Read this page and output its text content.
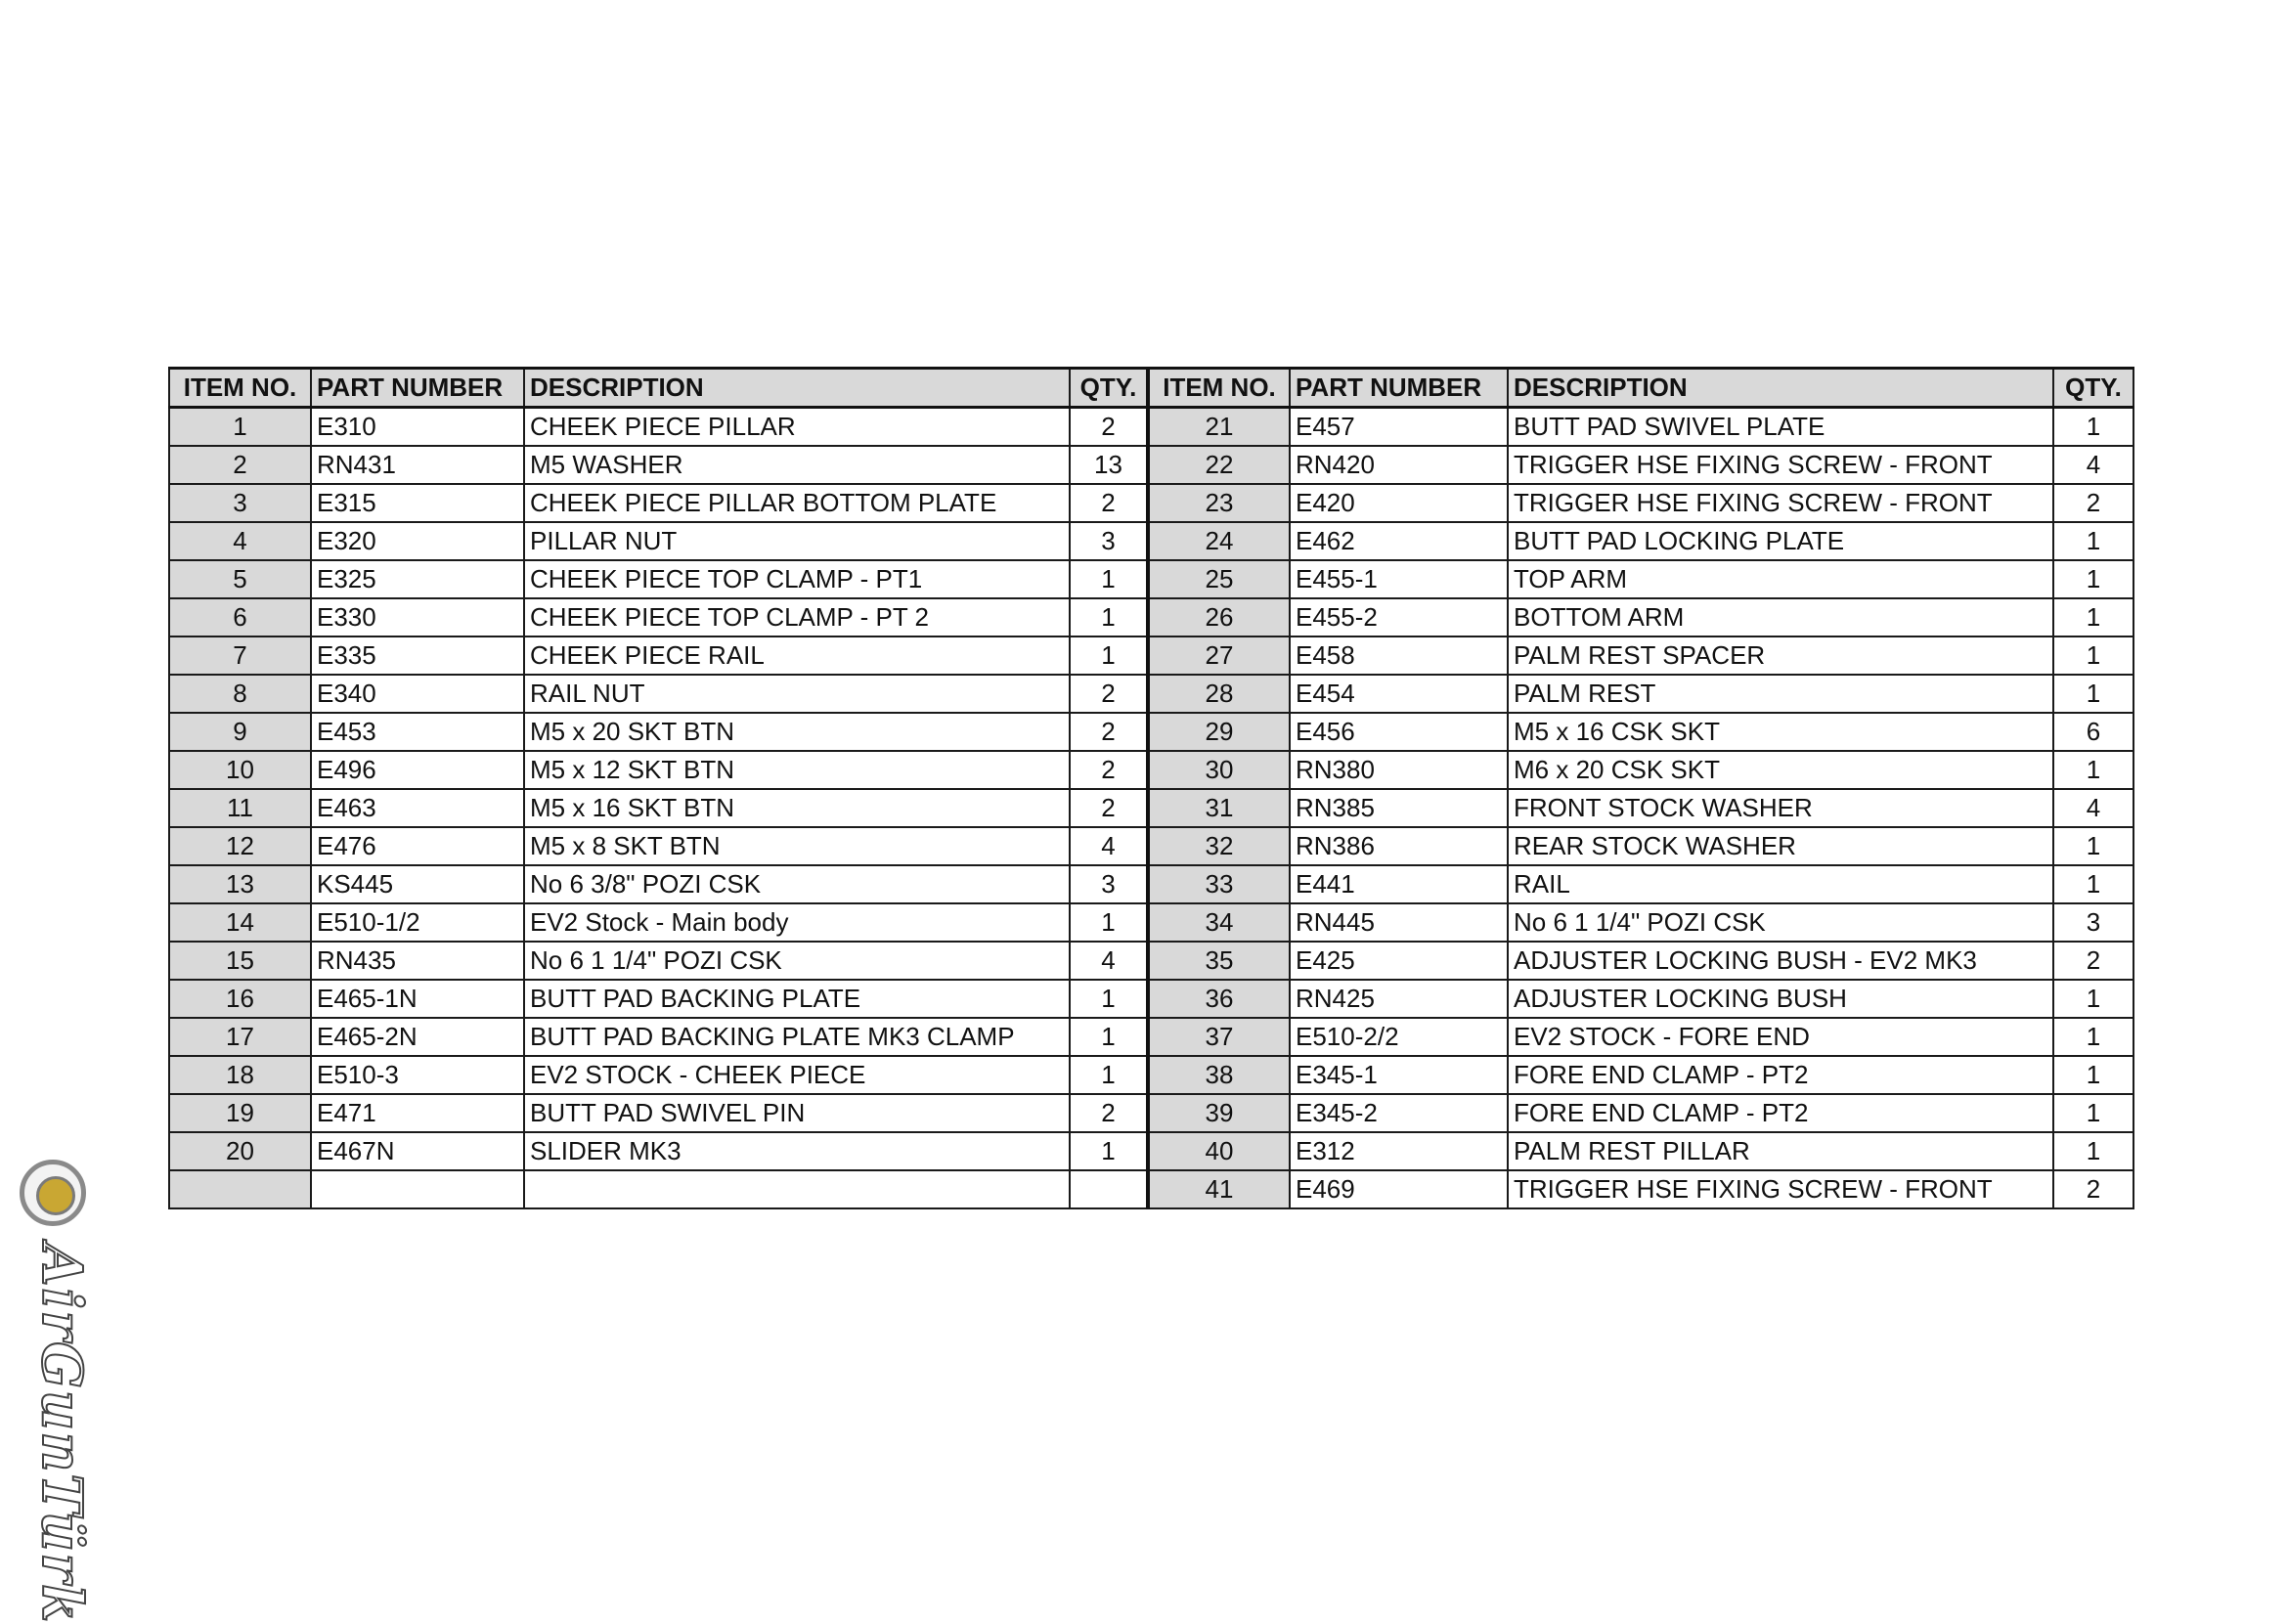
ITEM NO.	PART NUMBER	DESCRIPTION	QTY.	ITEM NO.	PART NUMBER	DESCRIPTION	QTY.
1	E310	CHEEK PIECE PILLAR	2	21	E457	BUTT PAD SWIVEL PLATE	1
2	RN431	M5 WASHER	13	22	RN420	TRIGGER HSE FIXING SCREW - FRONT	4
3	E315	CHEEK PIECE PILLAR BOTTOM PLATE	2	23	E420	TRIGGER HSE FIXING SCREW - FRONT	2
4	E320	PILLAR NUT	3	24	E462	BUTT PAD LOCKING PLATE	1
5	E325	CHEEK PIECE TOP CLAMP - PT1	1	25	E455-1	TOP ARM	1
6	E330	CHEEK PIECE TOP CLAMP - PT 2	1	26	E455-2	BOTTOM ARM	1
7	E335	CHEEK PIECE RAIL	1	27	E458	PALM REST SPACER	1
8	E340	RAIL NUT	2	28	E454	PALM REST	1
9	E453	M5 x 20 SKT BTN	2	29	E456	M5 x 16 CSK SKT	6
10	E496	M5 x 12 SKT BTN	2	30	RN380	M6 x 20 CSK SKT	1
11	E463	M5 x 16 SKT BTN	2	31	RN385	FRONT STOCK WASHER	4
12	E476	M5 x 8 SKT BTN	4	32	RN386	REAR STOCK WASHER	1
13	KS445	No 6 3/8" POZI CSK	3	33	E441	RAIL	1
14	E510-1/2	EV2 Stock - Main body	1	34	RN445	No 6 1 1/4" POZI CSK	3
15	RN435	No 6 1 1/4" POZI CSK	4	35	E425	ADJUSTER LOCKING BUSH - EV2 MK3	2
16	E465-1N	BUTT PAD BACKING PLATE	1	36	RN425	ADJUSTER LOCKING BUSH	1
17	E465-2N	BUTT PAD BACKING PLATE MK3 CLAMP	1	37	E510-2/2	EV2 STOCK - FORE END	1
18	E510-3	EV2 STOCK - CHEEK PIECE	1	38	E345-1	FORE END CLAMP - PT2	1
19	E471	BUTT PAD SWIVEL PIN	2	39	E345-2	FORE END CLAMP - PT2	1
20	E467N	SLIDER MK3	1	40	E312	PALM REST PILLAR	1
				41	E469	TRIGGER HSE FIXING SCREW - FRONT	2
AirGunTürk
